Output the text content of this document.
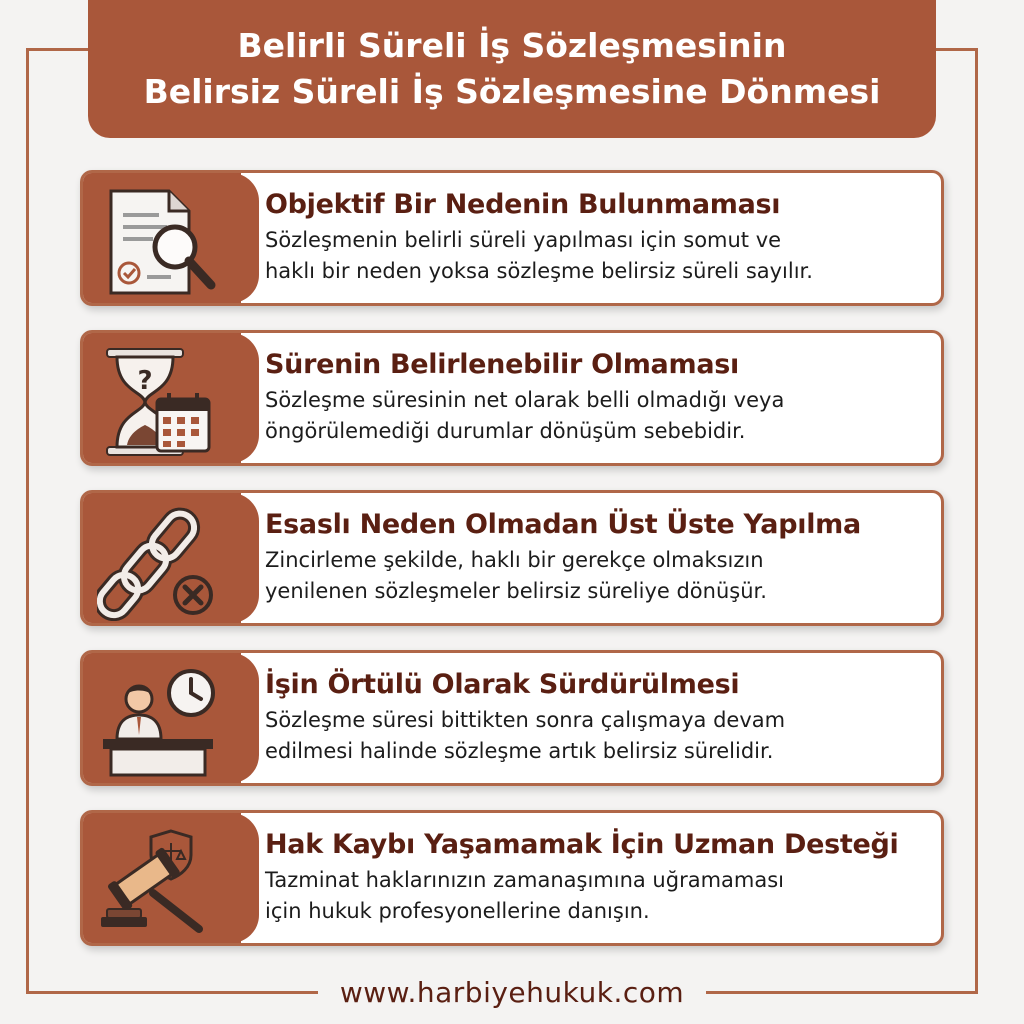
Belirli Süreli İş Sözleşmesinin
Belirsiz Süreli İş Sözleşmesine Dönmesi
Objektif Bir Nedenin Bulunmaması

Sözleşmenin belirli süreli yapılması için somut ve

haklı bir neden yoksa sözleşme belirsiz süreli sayılır.

?
Sürenin Belirlenebilir Olmaması

Sözleşme süresinin net olarak belli olmadığı veya

öngörülemediği durumlar dönüşüm sebebidir.

Esaslı Neden Olmadan Üst Üste Yapılma

Zincirleme şekilde, haklı bir gerekçe olmaksızın

yenilenen sözleşmeler belirsiz süreliye dönüşür.

İşin Örtülü Olarak Sürdürülmesi

Sözleşme süresi bittikten sonra çalışmaya devam

edilmesi halinde sözleşme artık belirsiz sürelidir.

Hak Kaybı Yaşamamak İçin Uzman Desteği

Tazminat haklarınızın zamanaşımına uğramaması

için hukuk profesyonellerine danışın.

www.harbiyehukuk.com
